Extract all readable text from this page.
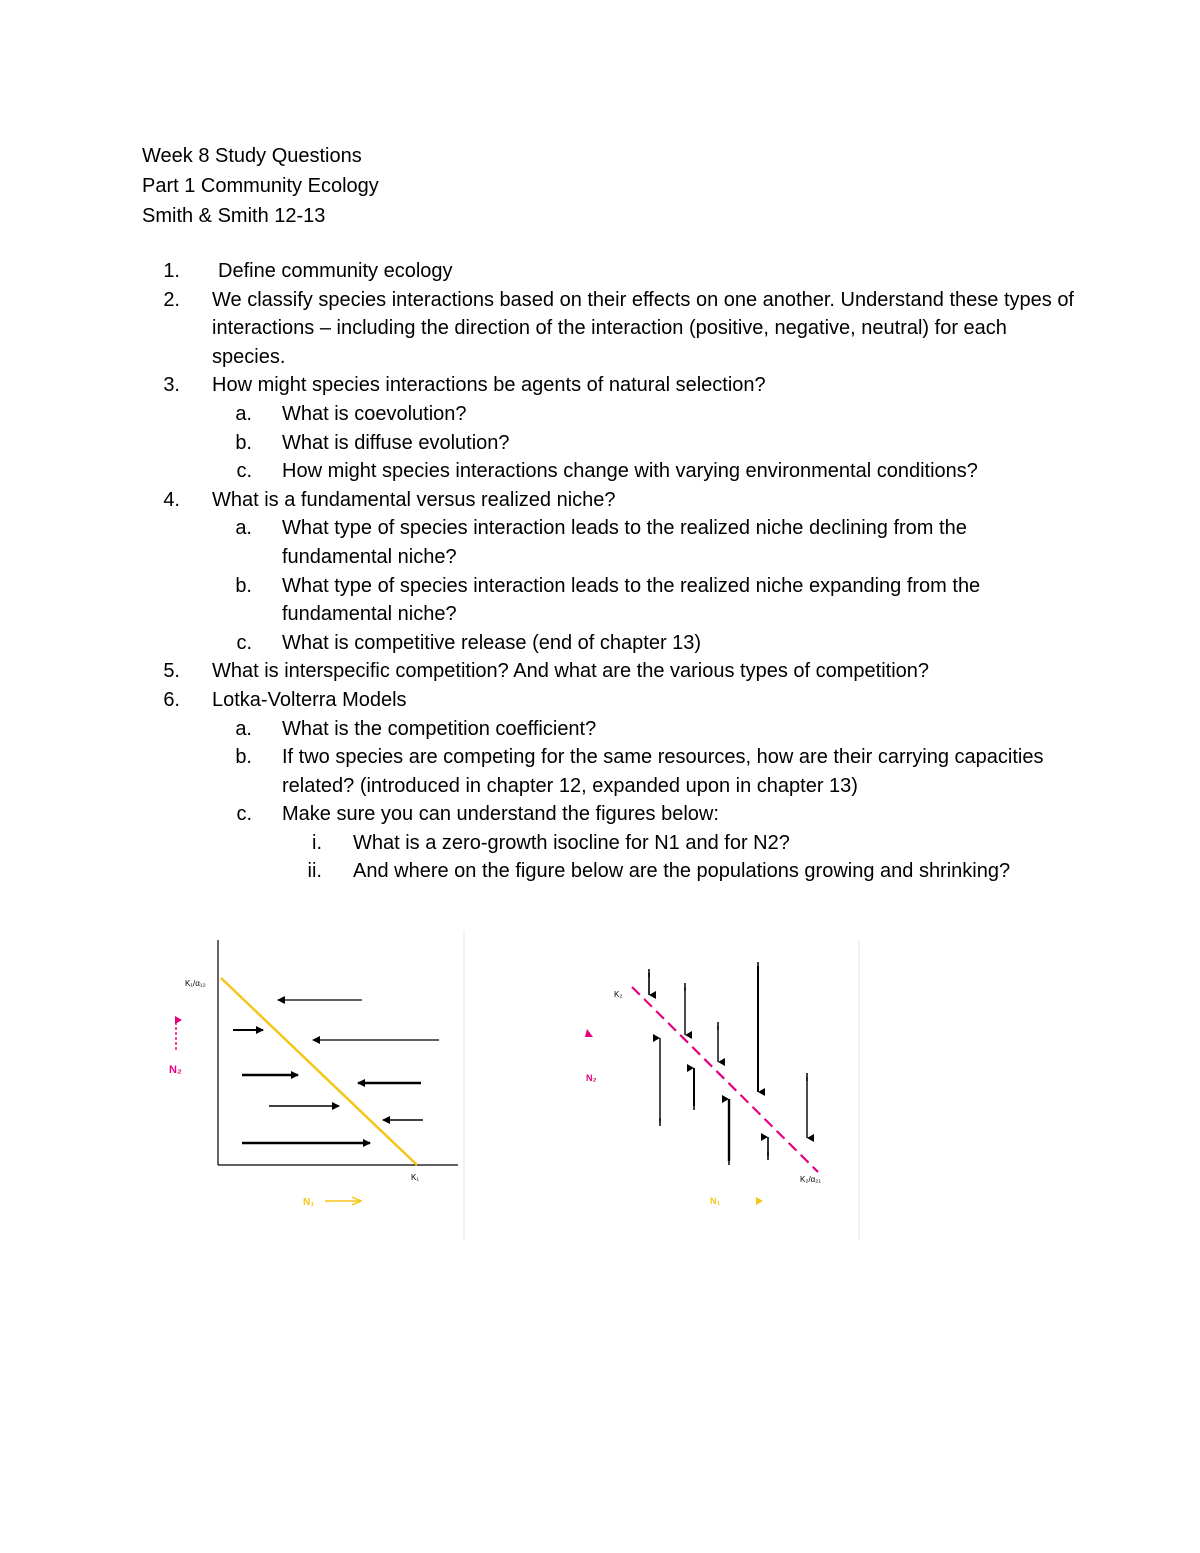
Week 8 Study Questions
Part 1 Community Ecology
Smith & Smith 12-13
1. Define community ecology
2. We classify species interactions based on their effects on one another. Understand these types of interactions – including the direction of the interaction (positive, negative, neutral) for each species.
3. How might species interactions be agents of natural selection?
a. What is coevolution?
b. What is diffuse evolution?
c. How might species interactions change with varying environmental conditions?
4. What is a fundamental versus realized niche?
a. What type of species interaction leads to the realized niche declining from the fundamental niche?
b. What type of species interaction leads to the realized niche expanding from the fundamental niche?
c. What is competitive release (end of chapter 13)
5. What is interspecific competition? And what are the various types of competition?
6. Lotka-Volterra Models
a. What is the competition coefficient?
b. If two species are competing for the same resources, how are their carrying capacities related? (introduced in chapter 12, expanded upon in chapter 13)
c. Make sure you can understand the figures below:
i. What is a zero-growth isocline for N1 and for N2?
ii. And where on the figure below are the populations growing and shrinking?
K₁/α₁₂
K₁
N₂
N₁
K₂
K₂/α₂₁
N₂
N₁
